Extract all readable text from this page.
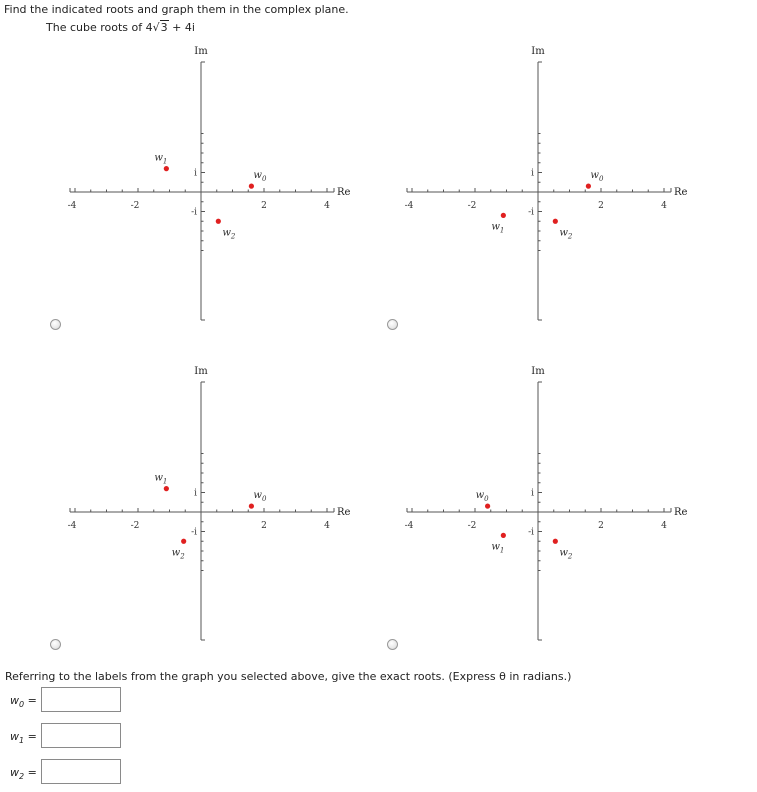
Find the indicated roots and graph them in the complex plane.
The cube roots of 4√3 + 4i
-4	-2	2	4
i
-i
Im
Re
$w_0$
$w_1$
$w_2$
-4	-2	2	4
i
-i
Im
Re
$w_0$
$w_1$	$w_2$
-4	-2	2	4
i
-i
Im
Re
$w_0$
$w_1$
$w_2$
-4	-2	2	4
i
-i
Im
Re
$w_0$
$w_1$	$w_2$
Referring to the labels from the graph you selected above, give the exact roots. (Express θ in radians.)
$w_0$ =
$w_1$ =
$w_2$ =
